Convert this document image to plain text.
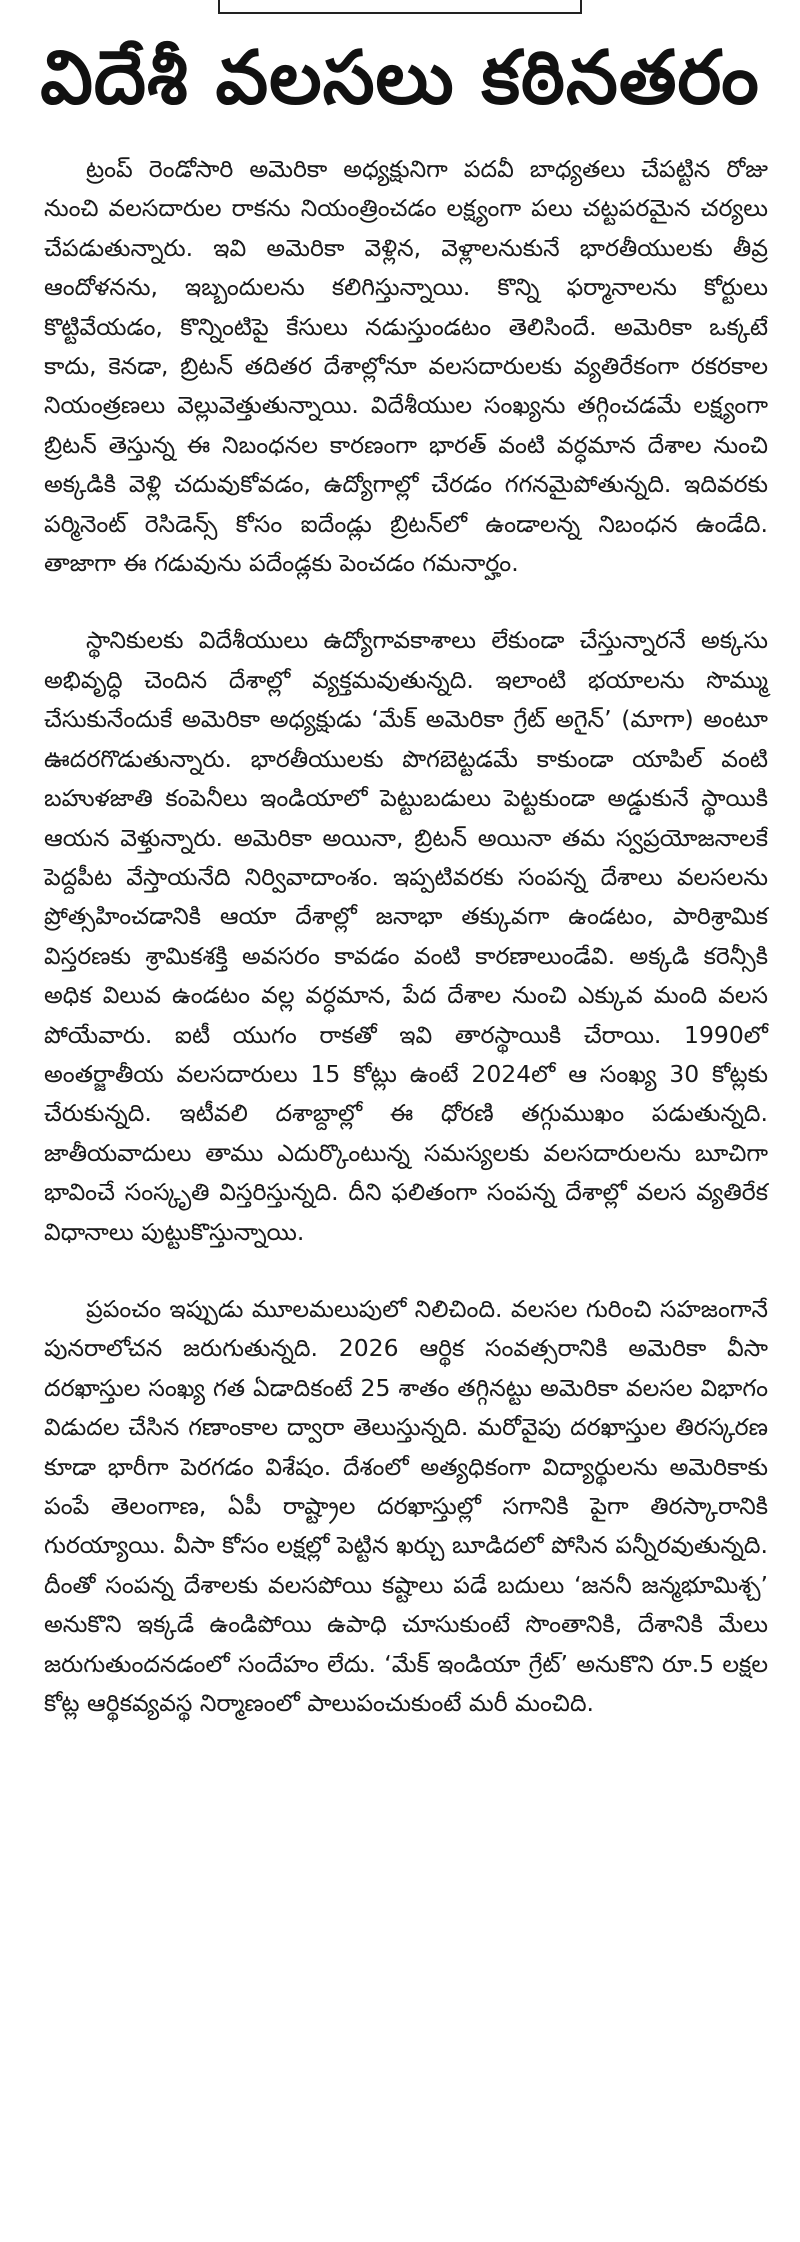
విదేశీ వలసలు కఠినతరం

ట్రంప్ రెండోసారి అమెరికా అధ్యక్షునిగా పదవీ బాధ్యతలు చేపట్టిన రోజు నుంచి వలసదారుల రాకను నియంత్రించడం లక్ష్యంగా పలు చట్టపరమైన చర్యలు చేపడుతున్నారు. ఇవి అమెరికా వెళ్లిన, వెళ్లాలనుకునే భారతీయులకు తీవ్ర ఆందోళనను, ఇబ్బందులను కలిగిస్తున్నాయి. కొన్ని ఫర్మానాలను కోర్టులు కొట్టివేయడం, కొన్నింటిపై కేసులు నడుస్తుండటం తెలిసిందే. అమెరికా ఒక్కటే కాదు, కెనడా, బ్రిటన్ తదితర దేశాల్లోనూ వలసదారులకు వ్యతిరేకంగా రకరకాల నియంత్రణలు వెల్లువెత్తుతున్నాయి. విదేశీయుల సంఖ్యను తగ్గించడమే లక్ష్యంగా బ్రిటన్ తెస్తున్న ఈ నిబంధనల కారణంగా భారత్ వంటి వర్ధమాన దేశాల నుంచి అక్కడికి వెళ్లి చదువుకోవడం, ఉద్యోగాల్లో చేరడం గగనమైపోతున్నది. ఇదివరకు పర్మినెంట్ రెసిడెన్స్ కోసం ఐదేండ్లు బ్రిటన్‌లో ఉండాలన్న నిబంధన ఉండేది. తాజాగా ఈ గడువును పదేండ్లకు పెంచడం గమనార్హం.

స్థానికులకు విదేశీయులు ఉద్యోగావకాశాలు లేకుండా చేస్తున్నారనే అక్కసు అభివృద్ధి చెందిన దేశాల్లో వ్యక్తమవుతున్నది. ఇలాంటి భయాలను సొమ్ము చేసుకునేందుకే అమెరికా అధ్యక్షుడు ‘మేక్ అమెరికా గ్రేట్ అగైన్’ (మాగా) అంటూ ఊదరగొడుతున్నారు. భారతీయులకు పొగబెట్టడమే కాకుండా యాపిల్ వంటి బహుళజాతి కంపెనీలు ఇండియాలో పెట్టుబడులు పెట్టకుండా అడ్డుకునే స్థాయికి ఆయన వెళ్తున్నారు. అమెరికా అయినా, బ్రిటన్ అయినా తమ స్వప్రయోజనాలకే పెద్దపీట వేస్తాయనేది నిర్వివాదాంశం. ఇప్పటివరకు సంపన్న దేశాలు వలసలను ప్రోత్సహించడానికి ఆయా దేశాల్లో జనాభా తక్కువగా ఉండటం, పారిశ్రామిక విస్తరణకు శ్రామికశక్తి అవసరం కావడం వంటి కారణాలుండేవి. అక్కడి కరెన్సీకి అధిక విలువ ఉండటం వల్ల వర్ధమాన, పేద దేశాల నుంచి ఎక్కువ మంది వలస పోయేవారు. ఐటీ యుగం రాకతో ఇవి తారస్థాయికి చేరాయి. 1990లో అంతర్జాతీయ వలసదారులు 15 కోట్లు ఉంటే 2024లో ఆ సంఖ్య 30 కోట్లకు చేరుకున్నది. ఇటీవలి దశాబ్దాల్లో ఈ ధోరణి తగ్గుముఖం పడుతున్నది. జాతీయవాదులు తాము ఎదుర్కొంటున్న సమస్యలకు వలసదారులను బూచిగా భావించే సంస్కృతి విస్తరిస్తున్నది. దీని ఫలితంగా సంపన్న దేశాల్లో వలస వ్యతిరేక విధానాలు పుట్టుకొస్తున్నాయి.

ప్రపంచం ఇప్పుడు మూలమలుపులో నిలిచింది. వలసల గురించి సహజంగానే పునరాలోచన జరుగుతున్నది. 2026 ఆర్థిక సంవత్సరానికి అమెరికా వీసా దరఖాస్తుల సంఖ్య గత ఏడాదికంటే 25 శాతం తగ్గినట్టు అమెరికా వలసల విభాగం విడుదల చేసిన గణాంకాల ద్వారా తెలుస్తున్నది. మరోవైపు దరఖాస్తుల తిరస్కరణ కూడా భారీగా పెరగడం విశేషం. దేశంలో అత్యధికంగా విద్యార్థులను అమెరికాకు పంపే తెలంగాణ, ఏపీ రాష్ట్రాల దరఖాస్తుల్లో సగానికి పైగా తిరస్కారానికి గురయ్యాయి. వీసా కోసం లక్షల్లో పెట్టిన ఖర్చు బూడిదలో పోసిన పన్నీరవుతున్నది. దీంతో సంపన్న దేశాలకు వలసపోయి కష్టాలు పడే బదులు ‘జననీ జన్మభూమిశ్చ’ అనుకొని ఇక్కడే ఉండిపోయి ఉపాధి చూసుకుంటే సొంతానికి, దేశానికి మేలు జరుగుతుందనడంలో సందేహం లేదు. ‘మేక్ ఇండియా గ్రేట్’ అనుకొని రూ.5 లక్షల కోట్ల ఆర్థికవ్యవస్థ నిర్మాణంలో పాలుపంచుకుంటే మరీ మంచిది.
